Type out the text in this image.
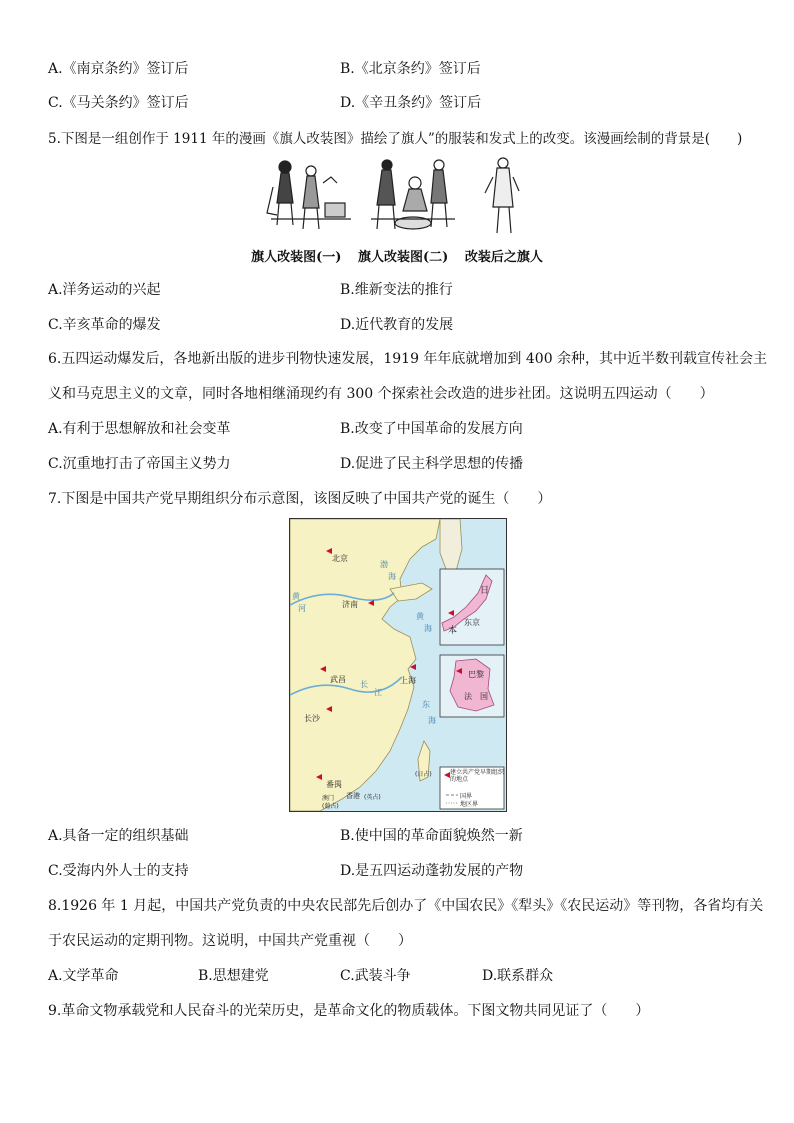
A.《南京条约》签订后	B.《北京条约》签订后
C.《马关条约》签订后	D.《辛丑条约》签订后
5.下图是一组创作于 1911 年的漫画《旗人改装图》描绘了旗人”的服装和发式上的改变。该漫画绘制的背景是(　　)
旗人改装图(一) 旗人改装图(二) 改装后之旗人
A.洋务运动的兴起	B.维新变法的推行
C.辛亥革命的爆发	D.近代教育的发展
6.五四运动爆发后，各地新出版的进步刊物快速发展，1919 年年底就增加到 400 余种，其中近半数刊载宣传社会主
义和马克思主义的文章，同时各地相继涌现约有 300 个探索社会改造的进步社团。这说明五四运动（　　）
A.有利于思想解放和社会变革	B.改变了中国革命的发展方向
C.沉重地打击了帝国主义势力	D.促进了民主科学思想的传播
7.下图是中国共产党早期组织分布示意图，该图反映了中国共产党的诞生（　　）
北京
济南
武昌	上海
长沙
番禺
香港 (英占)
澳门
(葡占)
(日占)
东京
巴黎
日
本
法　国
渤
海
黄
海
东
海
黄
河
长
江
建立共产党早期组织的地点
国界
地区界
A.具备一定的组织基础	B.使中国的革命面貌焕然一新
C.受海内外人士的支持	D.是五四运动蓬勃发展的产物
8.1926 年 1 月起，中国共产党负责的中央农民部先后创办了《中国农民》《犁头》《农民运动》等刊物，各省均有关
于农民运动的定期刊物。这说明，中国共产党重视（　　）
A.文学革命	B.思想建党	C.武装斗争	D.联系群众
9.革命文物承载党和人民奋斗的光荣历史，是革命文化的物质载体。下图文物共同见证了（　　）
